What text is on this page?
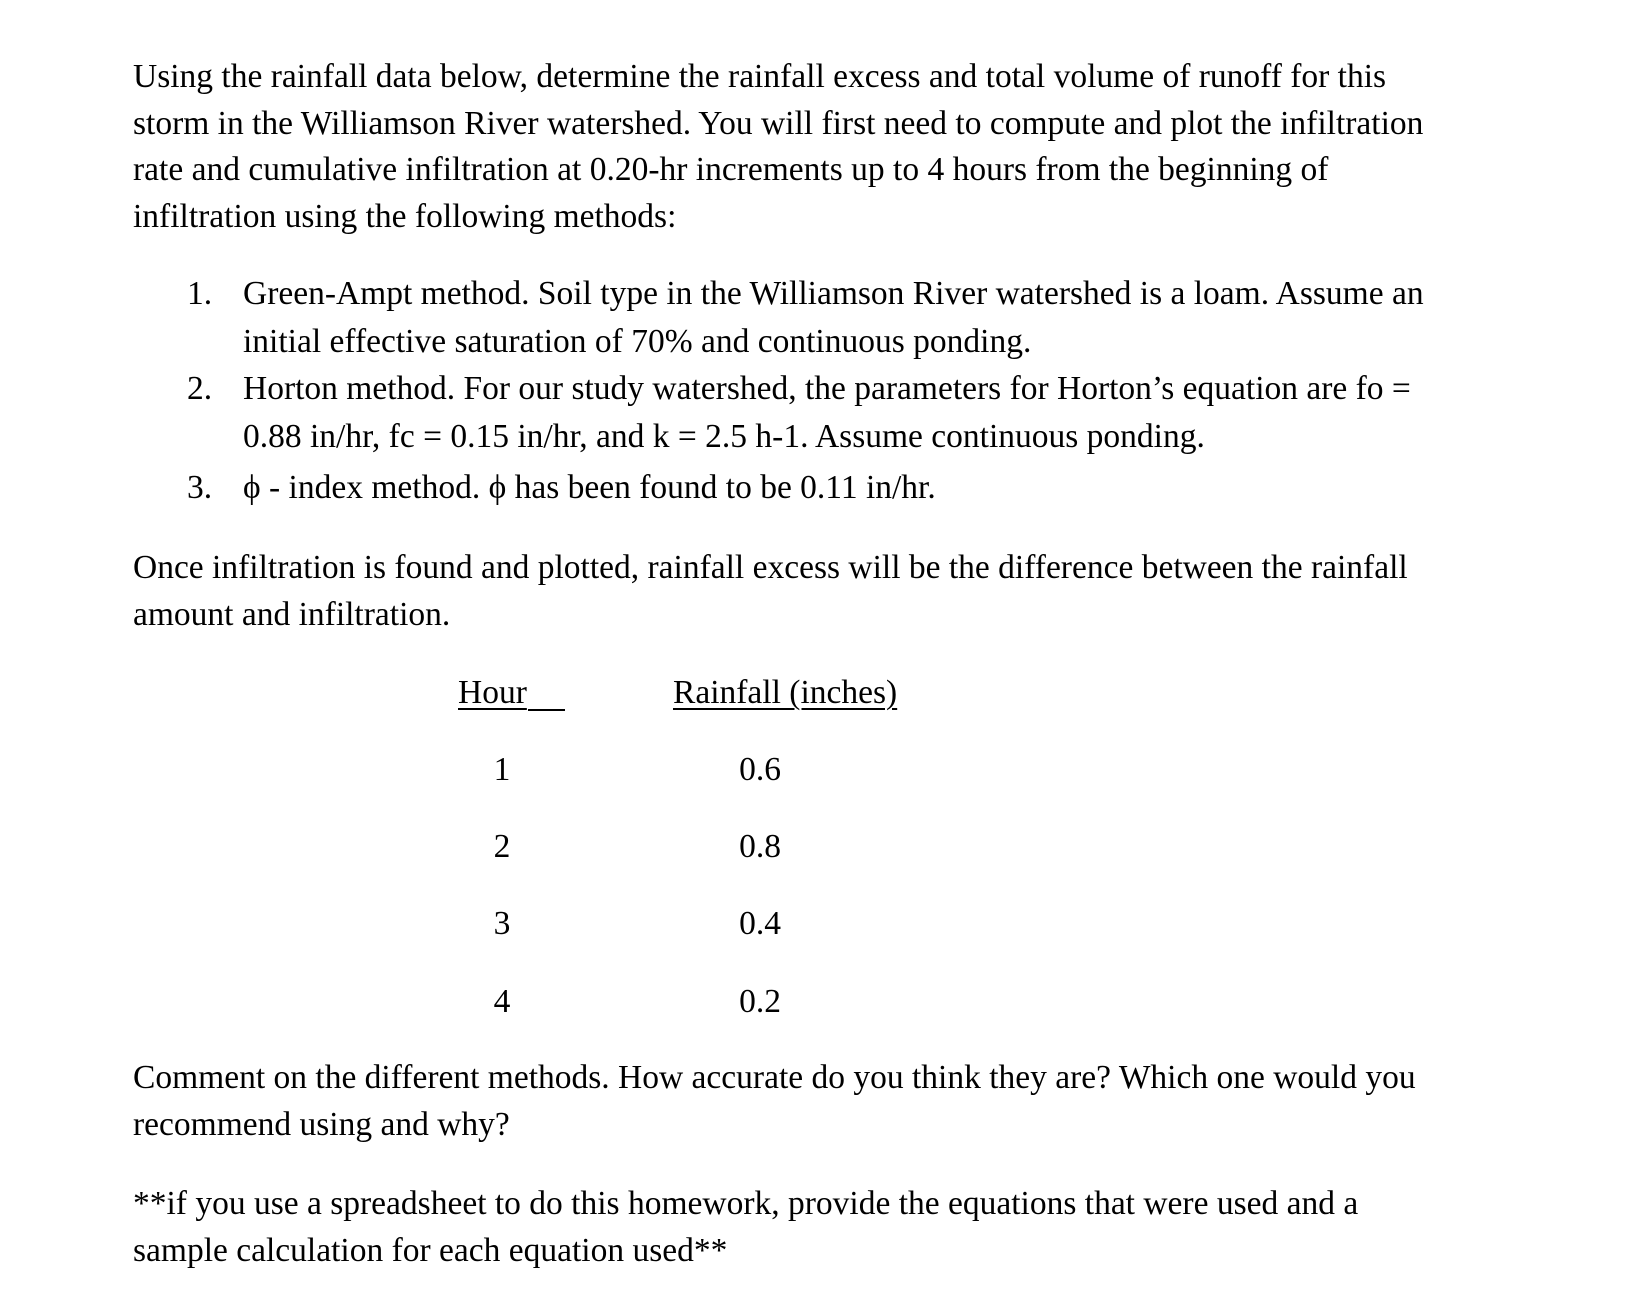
Using the rainfall data below, determine the rainfall excess and total volume of runoff for this
storm in the Williamson River watershed. You will first need to compute and plot the infiltration
rate and cumulative infiltration at 0.20-hr increments up to 4 hours from the beginning of
infiltration using the following methods:
1. Green-Ampt method. Soil type in the Williamson River watershed is a loam. Assume an
initial effective saturation of 70% and continuous ponding.
2. Horton method. For our study watershed, the parameters for Horton’s equation are fo =
0.88 in/hr, fc = 0.15 in/hr, and k = 2.5 h-1. Assume continuous ponding.
3. ϕ - index method. ϕ has been found to be 0.11 in/hr.
Once infiltration is found and plotted, rainfall excess will be the difference between the rainfall
amount and infiltration.
Hour	Rainfall (inches)
1	0.6
2	0.8
3	0.4
4	0.2
Comment on the different methods. How accurate do you think they are? Which one would you
recommend using and why?
**if you use a spreadsheet to do this homework, provide the equations that were used and a
sample calculation for each equation used**
